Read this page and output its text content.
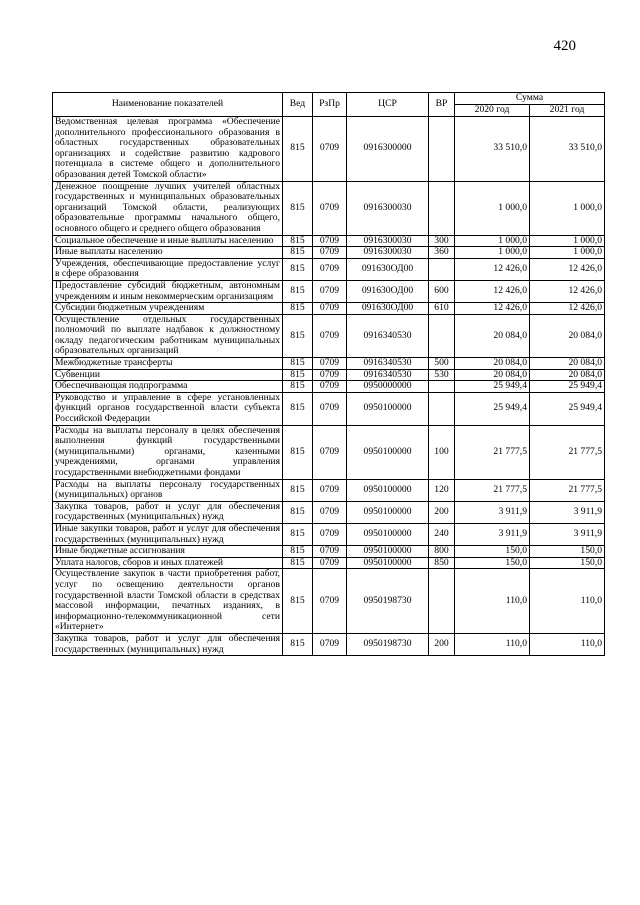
420
Наименование показателей	Вед	РзПр	ЦСР	ВР	Сумма	
					2020 год	2021 год
Ведомственная целевая программа «Обеспечение дополнительного профессионального образования в областных государственных образовательных организациях и содействие развитию кадрового потенциала в системе общего и дополнительного образования детей Томской области»	815	0709	0916300000		33 510,0	33 510,0
Денежное поощрение лучших учителей областных государственных и муниципальных образовательных организаций Томской области, реализующих образовательные программы начального общего, основного общего и среднего общего образования	815	0709	0916300030		1 000,0	1 000,0
Социальное обеспечение и иные выплаты населению	815	0709	0916300030	300	1 000,0	1 000,0
Иные выплаты населению	815	0709	0916300030	360	1 000,0	1 000,0
Учреждения, обеспечивающие предоставление услуг в сфере образования	815	0709	091630ОД00		12 426,0	12 426,0
Предоставление субсидий бюджетным, автономным учреждениям и иным некоммерческим организациям	815	0709	091630ОД00	600	12 426,0	12 426,0
Субсидии бюджетным учреждениям	815	0709	091630ОД00	610	12 426,0	12 426,0
Осуществление отдельных государственных полномочий по выплате надбавок к должностному окладу педагогическим работникам муниципальных образовательных организаций	815	0709	0916340530		20 084,0	20 084,0
Межбюджетные трансферты	815	0709	0916340530	500	20 084,0	20 084,0
Субвенции	815	0709	0916340530	530	20 084,0	20 084,0
Обеспечивающая подпрограмма	815	0709	0950000000		25 949,4	25 949,4
Руководство и управление в сфере установленных функций органов государственной власти субъекта Российской Федерации	815	0709	0950100000		25 949,4	25 949,4
Расходы на выплаты персоналу в целях обеспечения выполнения функций государственными (муниципальными) органами, казенными учреждениями, органами управления государственными внебюджетными фондами	815	0709	0950100000	100	21 777,5	21 777,5
Расходы на выплаты персоналу государственных (муниципальных) органов	815	0709	0950100000	120	21 777,5	21 777,5
Закупка товаров, работ и услуг для обеспечения государственных (муниципальных) нужд	815	0709	0950100000	200	3 911,9	3 911,9
Иные закупки товаров, работ и услуг для обеспечения государственных (муниципальных) нужд	815	0709	0950100000	240	3 911,9	3 911,9
Иные бюджетные ассигнования	815	0709	0950100000	800	150,0	150,0
Уплата налогов, сборов и иных платежей	815	0709	0950100000	850	150,0	150,0
Осуществление закупок в части приобретения работ, услуг по освещению деятельности органов государственной власти Томской области в средствах массовой информации, печатных изданиях, в информационно-телекоммуникационной сети «Интернет»	815	0709	0950198730		110,0	110,0
Закупка товаров, работ и услуг для обеспечения государственных (муниципальных) нужд	815	0709	0950198730	200	110,0	110,0
